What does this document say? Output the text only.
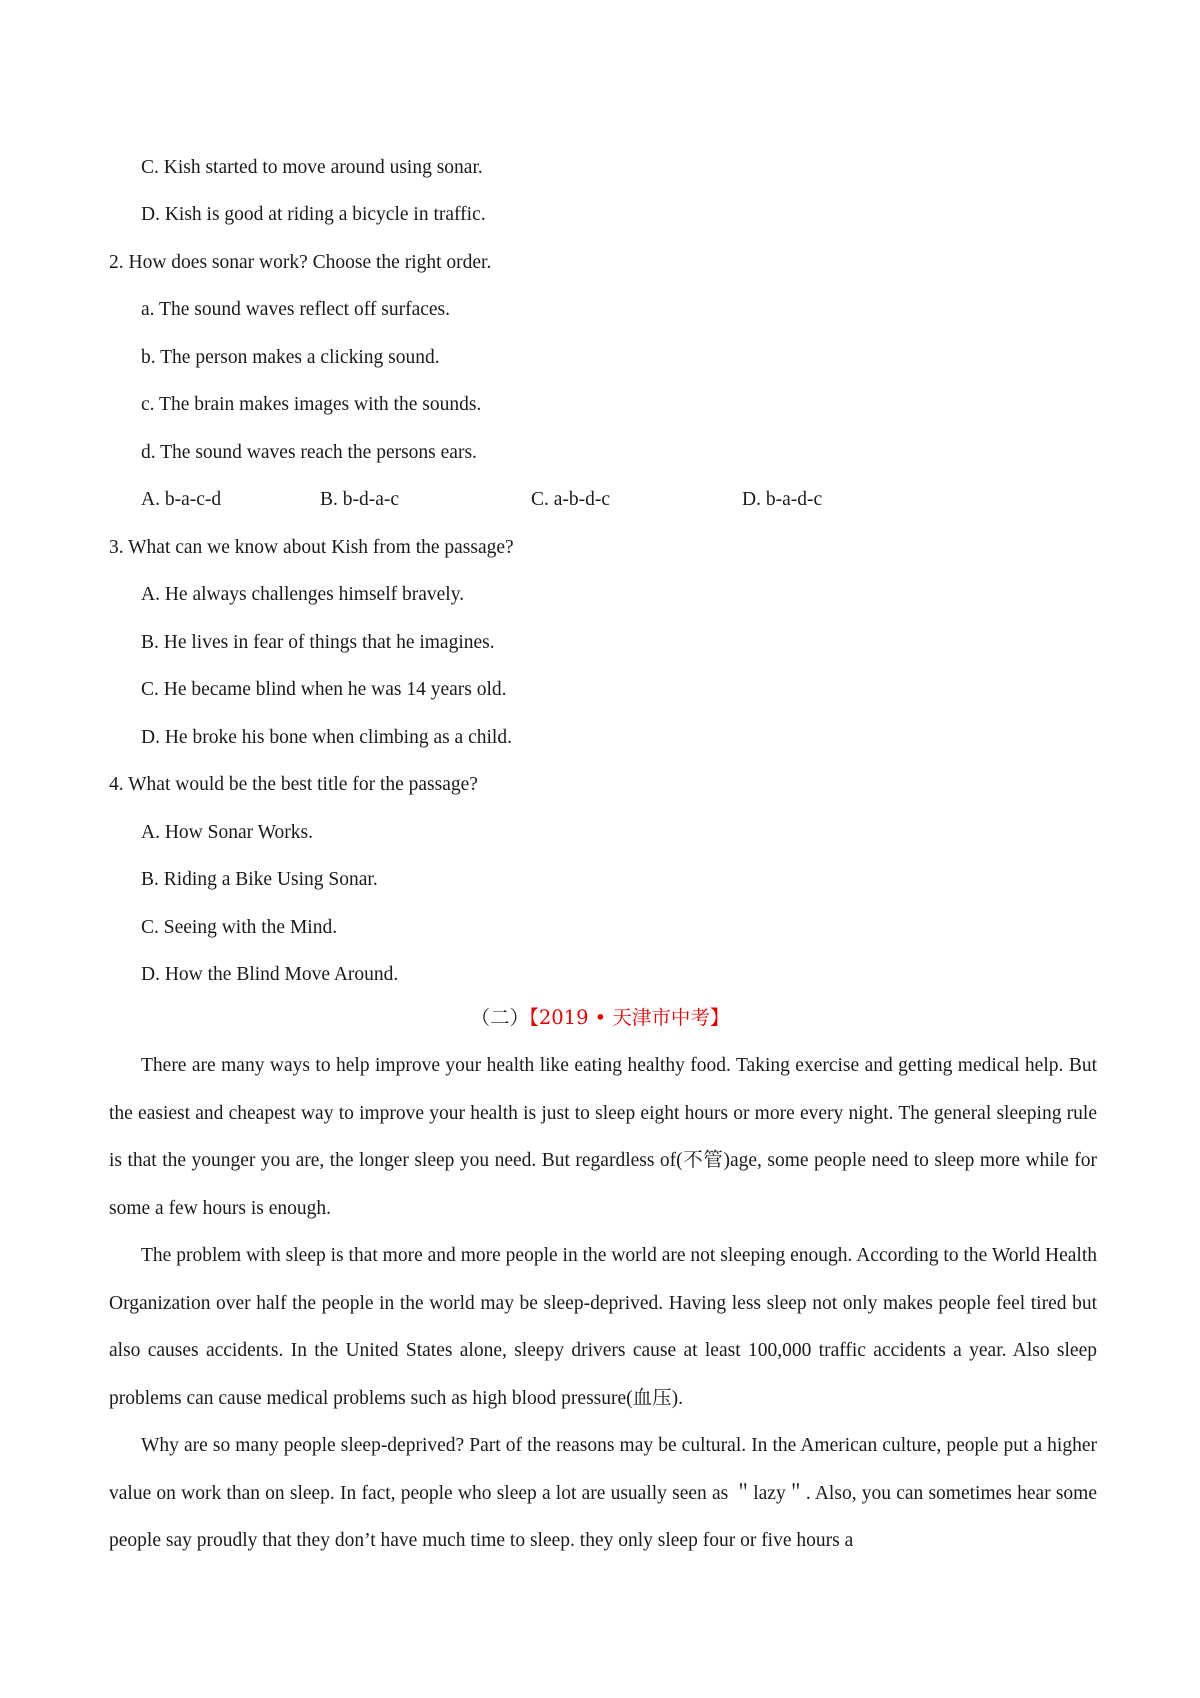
C. Kish started to move around using sonar.
D. Kish is good at riding a bicycle in traffic.
2. How does sonar work? Choose the right order.
a. The sound waves reflect off surfaces.
b. The person makes a clicking sound.
c. The brain makes images with the sounds.
d. The sound waves reach the persons ears.
A. b-a-c-d	B. b-d-a-c	C. a-b-d-c	D. b-a-d-c
3. What can we know about Kish from the passage?
A. He always challenges himself bravely.
B. He lives in fear of things that he imagines.
C. He became blind when he was 14 years old.
D. He broke his bone when climbing as a child.
4. What would be the best title for the passage?
A. How Sonar Works.
B. Riding a Bike Using Sonar.
C. Seeing with the Mind.
D. How the Blind Move Around.
（二）【2019 • 天津市中考】
There are many ways to help improve your health like eating healthy food. Taking exercise and getting medical help. But the easiest and cheapest way to improve your health is just to sleep eight hours or more every night. The general sleeping rule is that the younger you are, the longer sleep you need. But regardless of(不管)age, some people need to sleep more while for some a few hours is enough.
The problem with sleep is that more and more people in the world are not sleeping enough. According to the World Health Organization over half the people in the world may be sleep-deprived. Having less sleep not only makes people feel tired but also causes accidents. In the United States alone, sleepy drivers cause at least 100,000 traffic accidents a year. Also sleep problems can cause medical problems such as high blood pressure(血压).
Why are so many people sleep-deprived? Part of the reasons may be cultural. In the American culture, people put a higher value on work than on sleep. In fact, people who sleep a lot are usually seen as ＂lazy＂. Also, you can sometimes hear some people say proudly that they don’t have much time to sleep. they only sleep four or five hours a
